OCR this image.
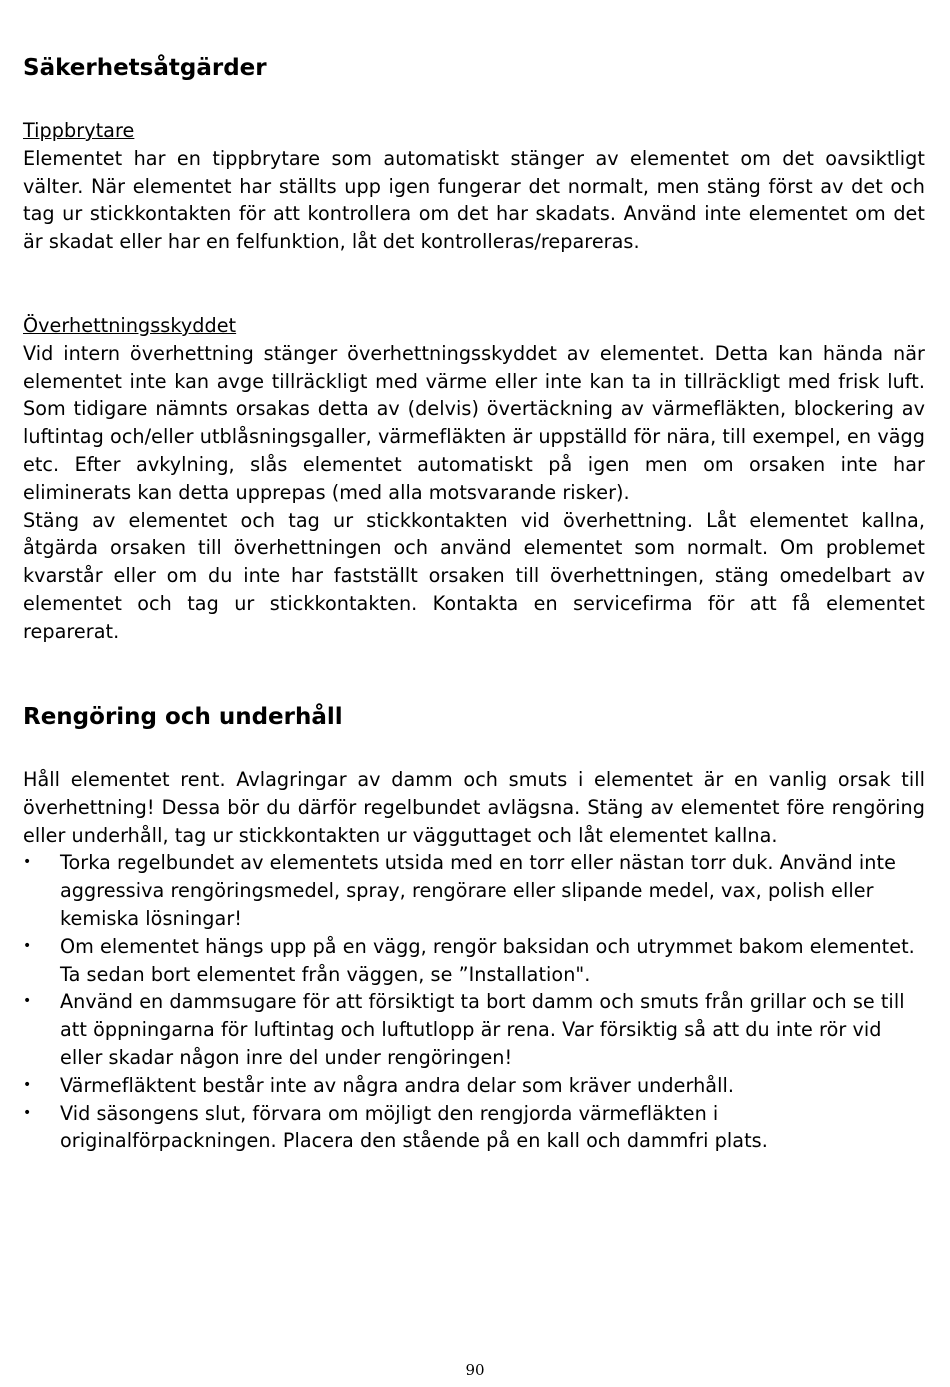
Säkerhetsåtgärder

Tippbrytare

Elementet har en tippbrytare som automatiskt stänger av elementet om det oavsiktligt välter. När elementet har ställts upp igen fungerar det normalt, men stäng först av det och tag ur stickkontakten för att kontrollera om det har skadats. Använd inte elementet om det är skadat eller har en felfunktion, låt det kontrolleras/repareras.

Överhettningsskyddet

Vid intern överhettning stänger överhettningsskyddet av elementet. Detta kan hända när elementet inte kan avge tillräckligt med värme eller inte kan ta in tillräckligt med frisk luft. Som tidigare nämnts orsakas detta av (delvis) övertäckning av värmefläkten, blockering av luftintag och/eller utblåsningsgaller, värmefläkten är uppställd för nära, till exempel, en vägg etc. Efter avkylning, slås elementet automatiskt på igen men om orsaken inte har eliminerats kan detta upprepas (med alla motsvarande risker).

Stäng av elementet och tag ur stickkontakten vid överhettning. Låt elementet kallna, åtgärda orsaken till överhettningen och använd elementet som normalt. Om problemet kvarstår eller om du inte har fastställt orsaken till överhettningen, stäng omedelbart av elementet och tag ur stickkontakten. Kontakta en servicefirma för att få elementet reparerat.

Rengöring och underhåll

Håll elementet rent. Avlagringar av damm och smuts i elementet är en vanlig orsak till överhettning! Dessa bör du därför regelbundet avlägsna. Stäng av elementet före rengöring eller underhåll, tag ur stickkontakten ur vägguttaget och låt elementet kallna.

• Torka regelbundet av elementets utsida med en torr eller nästan torr duk. Använd inte aggressiva rengöringsmedel, spray, rengörare eller slipande medel, vax, polish eller kemiska lösningar!
• Om elementet hängs upp på en vägg, rengör baksidan och utrymmet bakom elementet. Ta sedan bort elementet från väggen, se ”Installation".
• Använd en dammsugare för att försiktigt ta bort damm och smuts från grillar och se till att öppningarna för luftintag och luftutlopp är rena. Var försiktig så att du inte rör vid eller skadar någon inre del under rengöringen!
• Värmefläktent består inte av några andra delar som kräver underhåll.
• Vid säsongens slut, förvara om möjligt den rengjorda värmefläkten i originalförpackningen. Placera den stående på en kall och dammfri plats.
90
